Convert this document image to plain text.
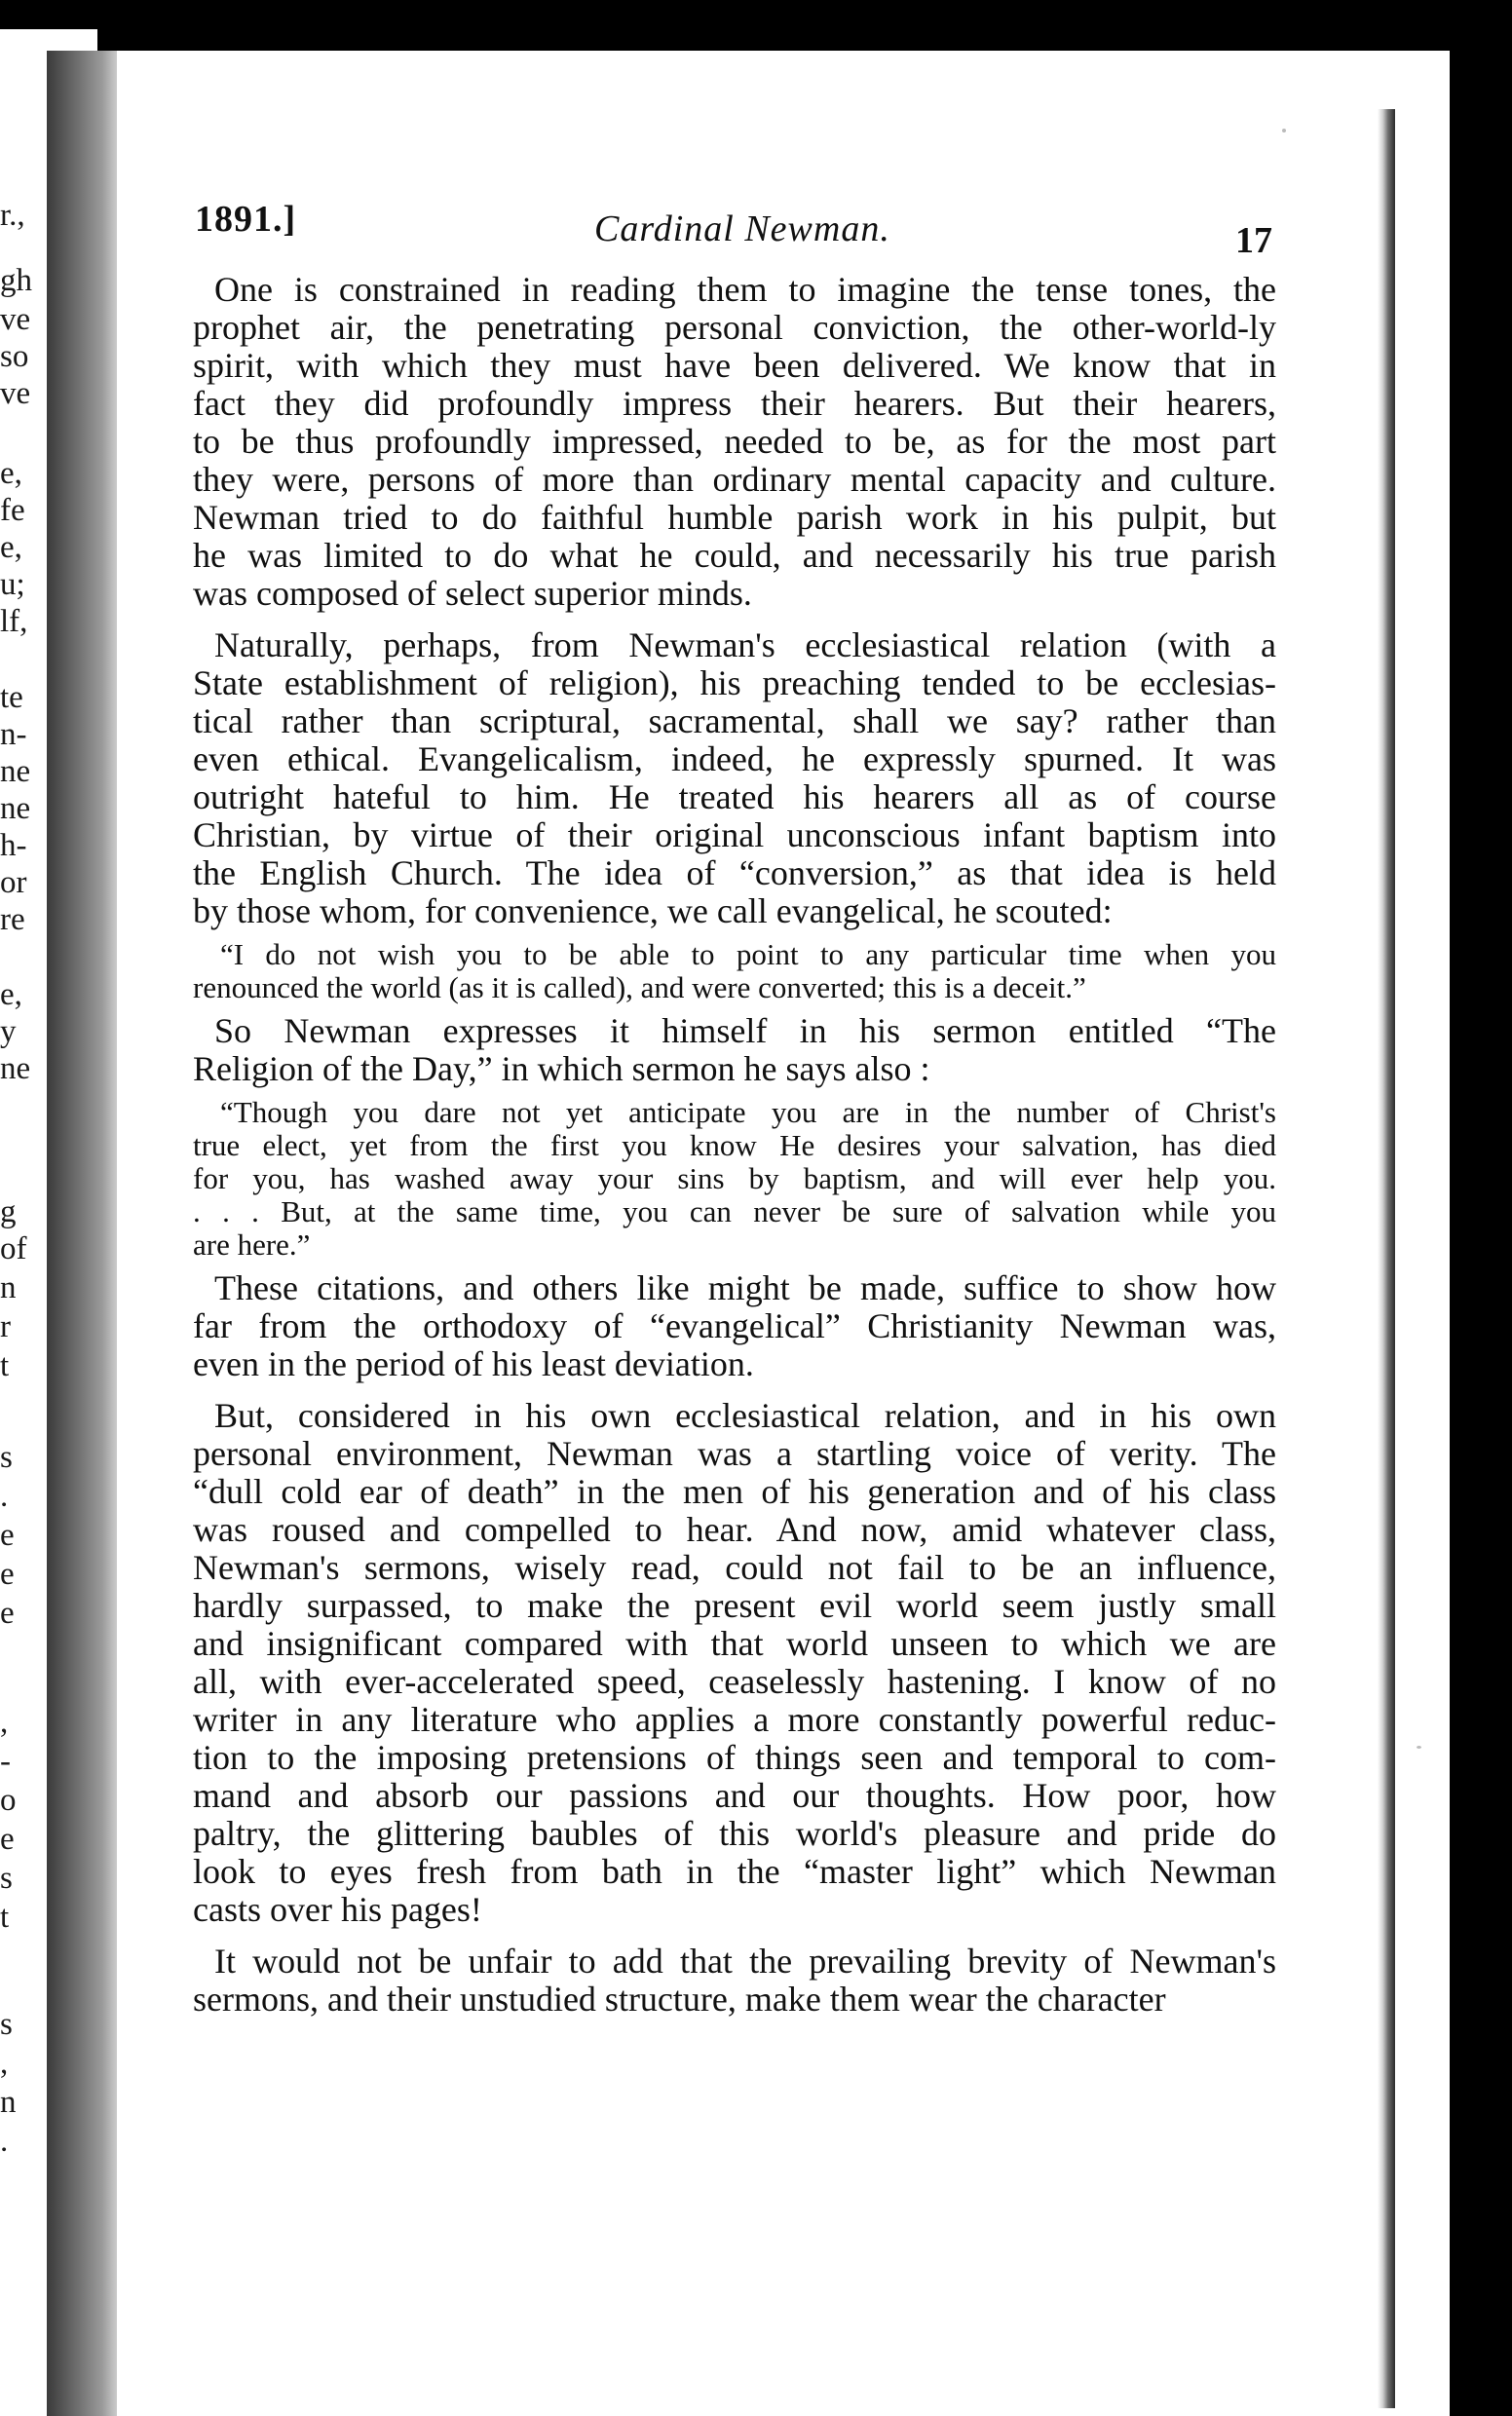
r.,
gh
ve
so
ve
e,
fe
e,
u;
lf,
te
n-
ne
ne
h-
or
re
e,
y
ne
g
of
n
r
t
s
.
e
e
e
,
-
o
e
s
t
s
,
n
.
1891.]	Cardinal Newman.	17
One is constrained in reading them to imagine the tense tones, the
prophet air, the penetrating personal conviction, the other-world-ly
spirit, with which they must have been delivered. We know that in
fact they did profoundly impress their hearers. But their hearers,
to be thus profoundly impressed, needed to be, as for the most part
they were, persons of more than ordinary mental capacity and culture.
Newman tried to do faithful humble parish work in his pulpit, but
he was limited to do what he could, and necessarily his true parish
was composed of select superior minds.
Naturally, perhaps, from Newman's ecclesiastical relation (with a
State establishment of religion), his preaching tended to be ecclesias-
tical rather than scriptural, sacramental, shall we say? rather than
even ethical. Evangelicalism, indeed, he expressly spurned. It was
outright hateful to him. He treated his hearers all as of course
Christian, by virtue of their original unconscious infant baptism into
the English Church. The idea of “conversion,” as that idea is held
by those whom, for convenience, we call evangelical, he scouted:
“I do not wish you to be able to point to any particular time when you
renounced the world (as it is called), and were converted; this is a deceit.”
So Newman expresses it himself in his sermon entitled “The
Religion of the Day,” in which sermon he says also :
“Though you dare not yet anticipate you are in the number of Christ's
true elect, yet from the first you know He desires your salvation, has died
for you, has washed away your sins by baptism, and will ever help you.
. . . But, at the same time, you can never be sure of salvation while you
are here.”
These citations, and others like might be made, suffice to show how
far from the orthodoxy of “evangelical” Christianity Newman was,
even in the period of his least deviation.
But, considered in his own ecclesiastical relation, and in his own
personal environment, Newman was a startling voice of verity. The
“dull cold ear of death” in the men of his generation and of his class
was roused and compelled to hear. And now, amid whatever class,
Newman's sermons, wisely read, could not fail to be an influence,
hardly surpassed, to make the present evil world seem justly small
and insignificant compared with that world unseen to which we are
all, with ever-accelerated speed, ceaselessly hastening. I know of no
writer in any literature who applies a more constantly powerful reduc-
tion to the imposing pretensions of things seen and temporal to com-
mand and absorb our passions and our thoughts. How poor, how
paltry, the glittering baubles of this world's pleasure and pride do
look to eyes fresh from bath in the “master light” which Newman
casts over his pages!
It would not be unfair to add that the prevailing brevity of Newman's
sermons, and their unstudied structure, make them wear the character
